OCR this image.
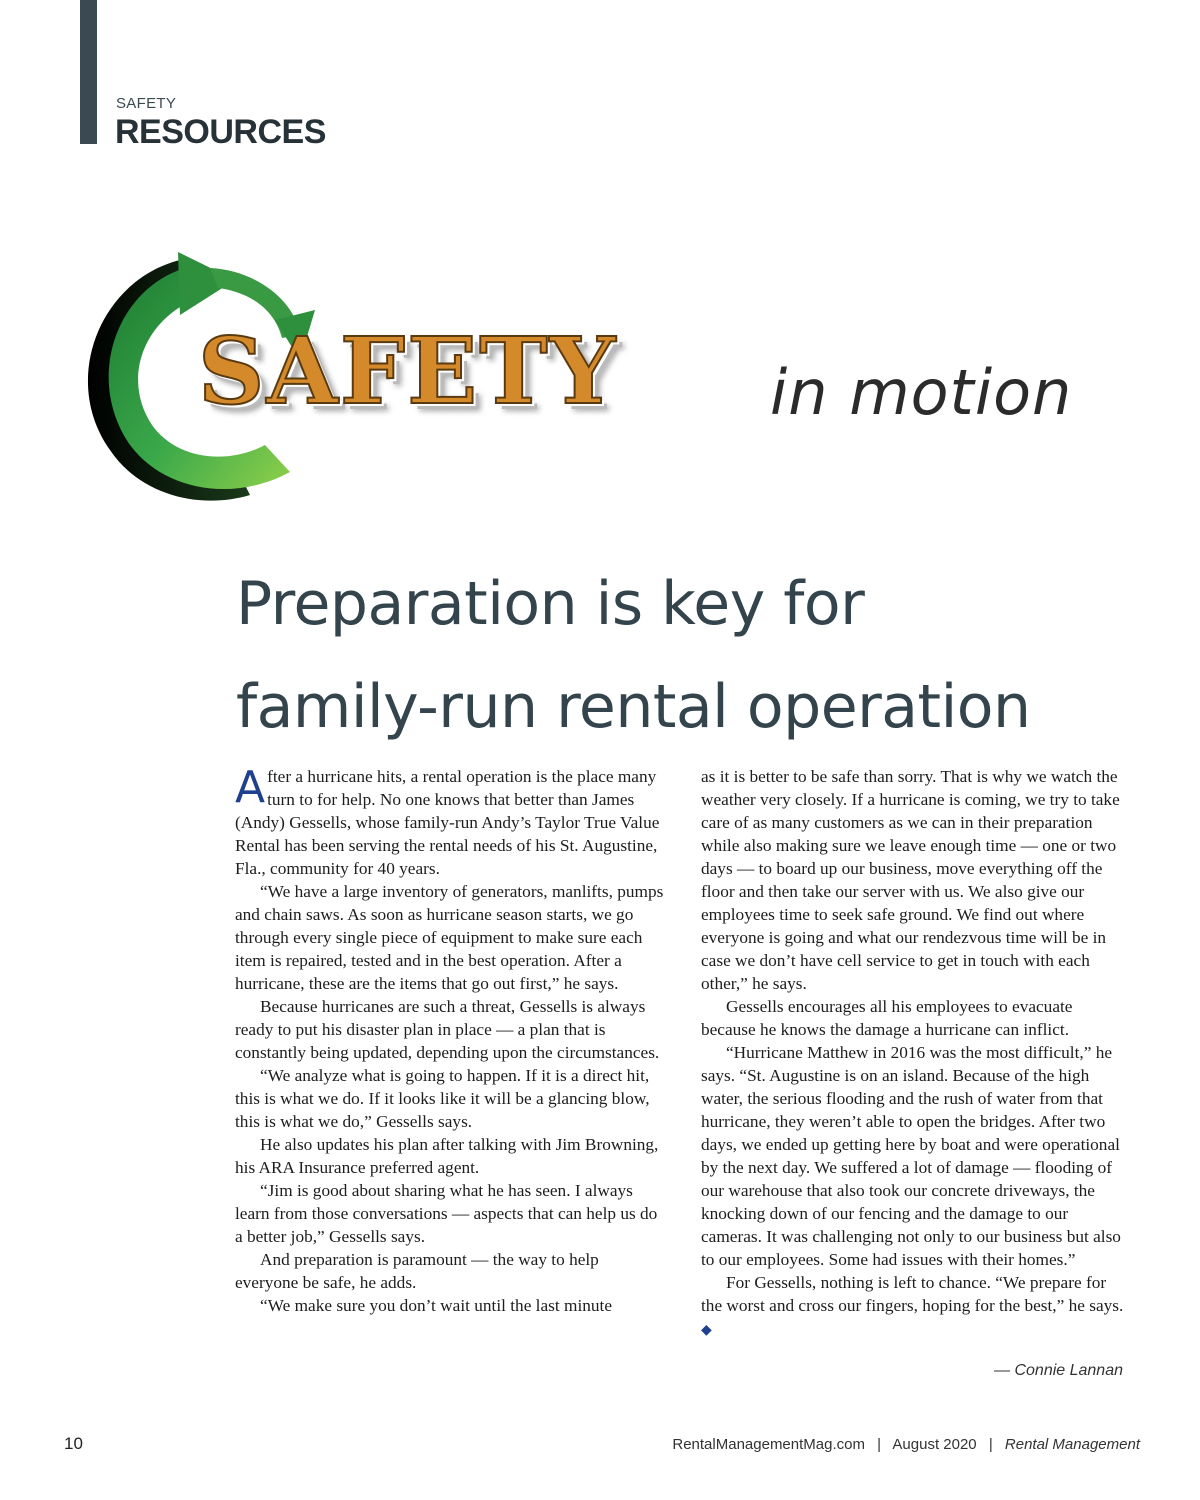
SAFETY
RESOURCES
SAFETY in motion
Preparation is key for
family-run rental operation

After a hurricane hits, a rental operation is the place many turn to for help. No one knows that better than James (Andy) Gessells, whose family-run Andy’s Taylor True Value Rental has been serving the rental needs of his St. Augustine, Fla., community for 40 years.

“We have a large inventory of generators, manlifts, pumps and chain saws. As soon as hurricane season starts, we go through every single piece of equipment to make sure each item is repaired, tested and in the best operation. After a hurricane, these are the items that go out first,” he says.

Because hurricanes are such a threat, Gessells is always ready to put his disaster plan in place — a plan that is constantly being updated, depending upon the circumstances.

“We analyze what is going to happen. If it is a direct hit, this is what we do. If it looks like it will be a glancing blow, this is what we do,” Gessells says.

He also updates his plan after talking with Jim Browning, his ARA Insurance preferred agent.

“Jim is good about sharing what he has seen. I always learn from those conversations — aspects that can help us do a better job,” Gessells says.

And preparation is paramount — the way to help everyone be safe, he adds.

“We make sure you don’t wait until the last minute

as it is better to be safe than sorry. That is why we watch the weather very closely. If a hurricane is coming, we try to take care of as many customers as we can in their preparation while also making sure we leave enough time — one or two days — to board up our business, move everything off the floor and then take our server with us. We also give our employees time to seek safe ground. We find out where everyone is going and what our rendezvous time will be in case we don’t have cell service to get in touch with each other,” he says.

Gessells encourages all his employees to evacuate because he knows the damage a hurricane can inflict.

“Hurricane Matthew in 2016 was the most difficult,” he says. “St. Augustine is on an island. Because of the high water, the serious flooding and the rush of water from that hurricane, they weren’t able to open the bridges. After two days, we ended up getting here by boat and were operational by the next day. We suffered a lot of damage — flooding of our warehouse that also took our concrete driveways, the knocking down of our fencing and the damage to our cameras. It was challenging not only to our business but also to our employees. Some had issues with their homes.”

For Gessells, nothing is left to chance. “We prepare for the worst and cross our fingers, hoping for the best,” he says. ◆

— Connie Lannan
10	RentalManagementMag.com | August 2020 | Rental Management
